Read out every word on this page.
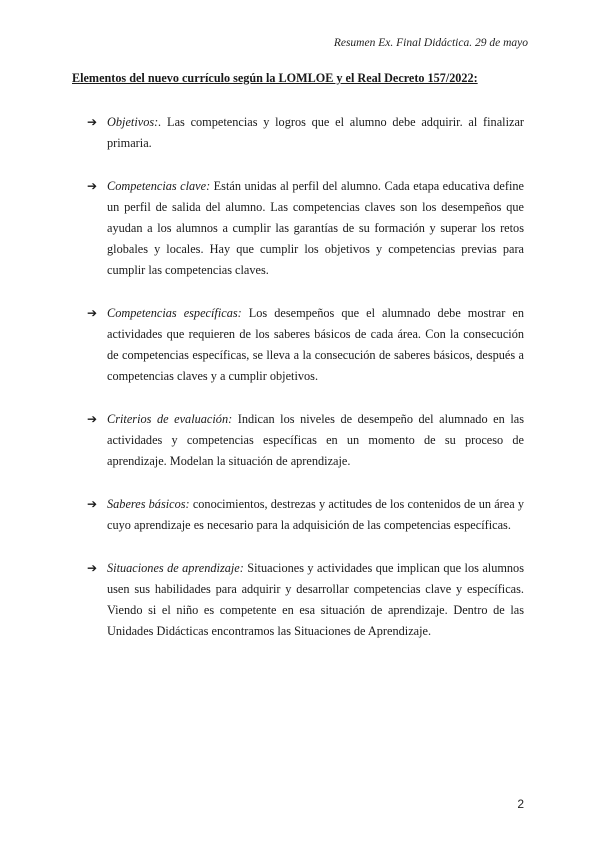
Resumen Ex. Final Didáctica. 29 de mayo
Elementos del nuevo currículo según la LOMLOE y el Real Decreto 157/2022:
➔ Objetivos:. Las competencias y logros que el alumno debe adquirir. al finalizar primaria.
➔ Competencias clave: Están unidas al perfil del alumno. Cada etapa educativa define un perfil de salida del alumno. Las competencias claves son los desempeños que ayudan a los alumnos a cumplir las garantías de su formación y superar los retos globales y locales. Hay que cumplir los objetivos y competencias previas para cumplir las competencias claves.
➔ Competencias específicas: Los desempeños que el alumnado debe mostrar en actividades que requieren de los saberes básicos de cada área. Con la consecución de competencias específicas, se lleva a la consecución de saberes básicos, después a competencias claves y a cumplir objetivos.
➔ Criterios de evaluación: Indican los niveles de desempeño del alumnado en las actividades y competencias específicas en un momento de su proceso de aprendizaje. Modelan la situación de aprendizaje.
➔ Saberes básicos: conocimientos, destrezas y actitudes de los contenidos de un área y cuyo aprendizaje es necesario para la adquisición de las competencias específicas.
➔ Situaciones de aprendizaje: Situaciones y actividades que implican que los alumnos usen sus habilidades para adquirir y desarrollar competencias clave y específicas. Viendo si el niño es competente en esa situación de aprendizaje. Dentro de las Unidades Didácticas encontramos las Situaciones de Aprendizaje.
2
